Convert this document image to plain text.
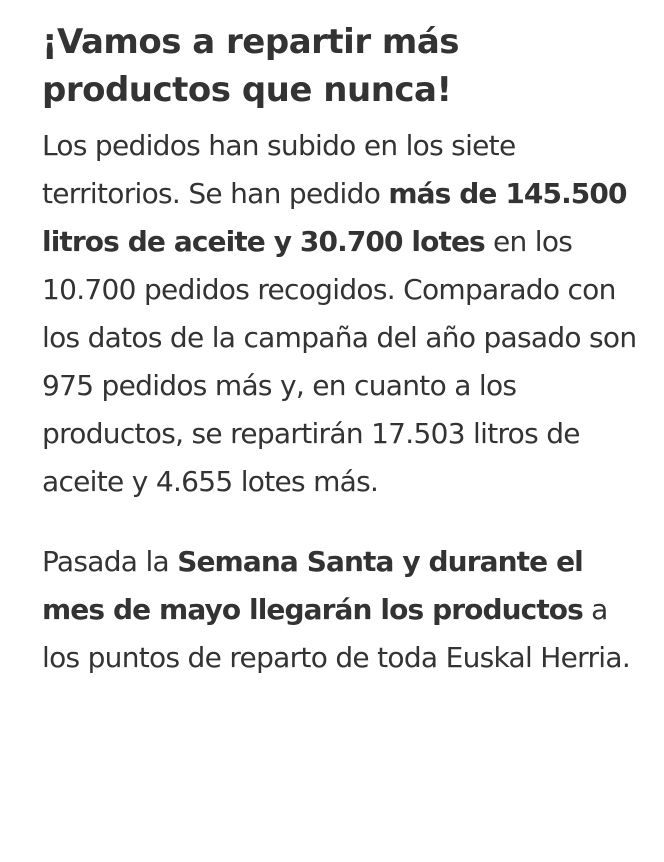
¡Vamos a repartir más productos que nunca!

Los pedidos han subido en los siete territorios. Se han pedido más de 145.500 litros de aceite y 30.700 lotes en los 10.700 pedidos recogidos. Comparado con los datos de la campaña del año pasado son 975 pedidos más y, en cuanto a los productos, se repartirán 17.503 litros de aceite y 4.655 lotes más.

Pasada la Semana Santa y durante el mes de mayo llegarán los productos a los puntos de reparto de toda Euskal Herria.
